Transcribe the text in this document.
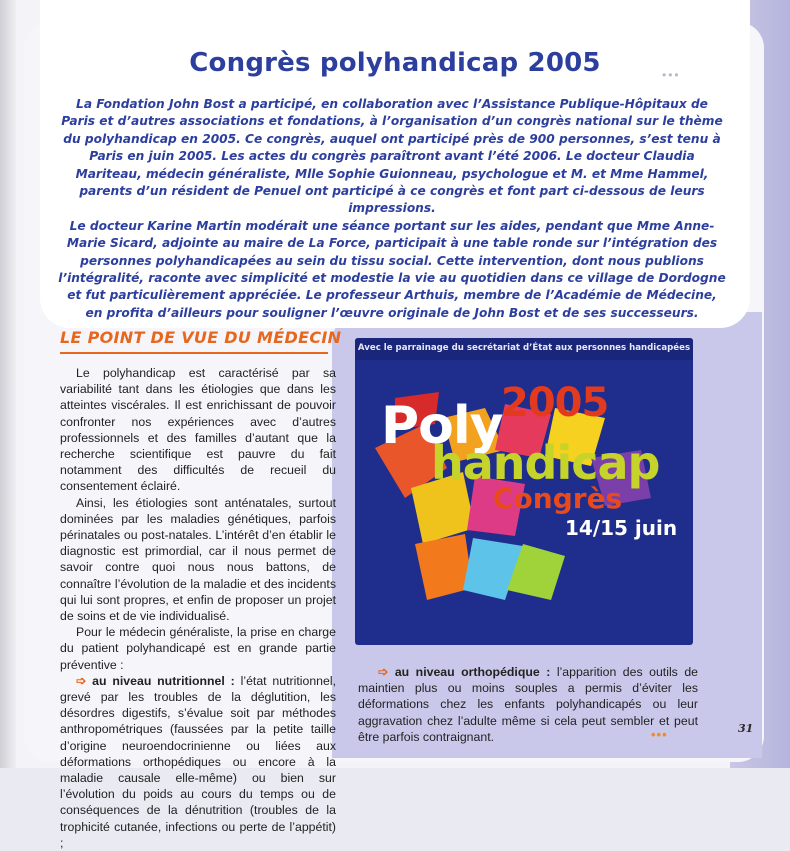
•••
Congrès polyhandicap 2005

La Fondation John Bost a participé, en collaboration avec l’Assistance Publique-Hôpitaux de Paris et d’autres associations et fondations, à l’organisation d’un congrès national sur le thème du polyhandicap en 2005. Ce congrès, auquel ont participé près de 900 personnes, s’est tenu à Paris en juin 2005. Les actes du congrès paraîtront avant l’été 2006. Le docteur Claudia Mariteau, médecin généraliste, Mlle Sophie Guionneau, psychologue et M. et Mme Hammel, parents d’un résident de Penuel ont participé à ce congrès et font part ci-dessous de leurs impressions.

Le docteur Karine Martin modérait une séance portant sur les aides, pendant que Mme Anne-Marie Sicard, adjointe au maire de La Force, participait à une table ronde sur l’intégration des personnes polyhandicapées au sein du tissu social. Cette intervention, dont nous publions l’intégralité, raconte avec simplicité et modestie la vie au quotidien dans ce village de Dordogne et fut particulièrement appréciée. Le professeur Arthuis, membre de l’Académie de Médecine, en profita d’ailleurs pour souligner l’œuvre originale de John Bost et de ses successeurs.

LE POINT DE VUE DU MÉDECIN

Le polyhandicap est caractérisé par sa variabilité tant dans les étiologies que dans les atteintes viscérales. Il est enrichissant de pouvoir confronter nos expériences avec d’autres professionnels et des familles d’autant que la recherche scientifique est pauvre du fait notamment des difficultés de recueil du consentement éclairé.

Ainsi, les étiologies sont anténatales, surtout dominées par les maladies génétiques, parfois périnatales ou post-natales. L’intérêt d’en établir le diagnostic est primordial, car il nous permet de savoir contre quoi nous nous battons, de connaître l’évolution de la maladie et des incidents qui lui sont propres, et enfin de proposer un projet de soins et de vie individualisé.

Pour le médecin généraliste, la prise en charge du patient polyhandicapé est en grande partie préventive :

➩ au niveau nutritionnel : l’état nutritionnel, grevé par les troubles de la déglutition, les désordres digestifs, s’évalue soit par méthodes anthropométriques (faussées par la petite taille d’origine neuroendocrinienne ou liées aux déformations orthopédiques ou encore à la maladie causale elle-même) ou bien sur l’évolution du poids au cours du temps ou de conséquences de la dénutrition (troubles de la trophicité cutanée, infections ou perte de l’appétit) ;

Avec le parrainage du secrétariat d’État aux personnes handicapées
2005
Poly
handicap
Congrès
14/15 juin

➩ au niveau orthopédique : l’apparition des outils de maintien plus ou moins souples a permis d’éviter les déformations chez les enfants polyhandicapés ou leur aggravation chez l’adulte même si cela peut sembler et peut être parfois contraignant.	•••	31
